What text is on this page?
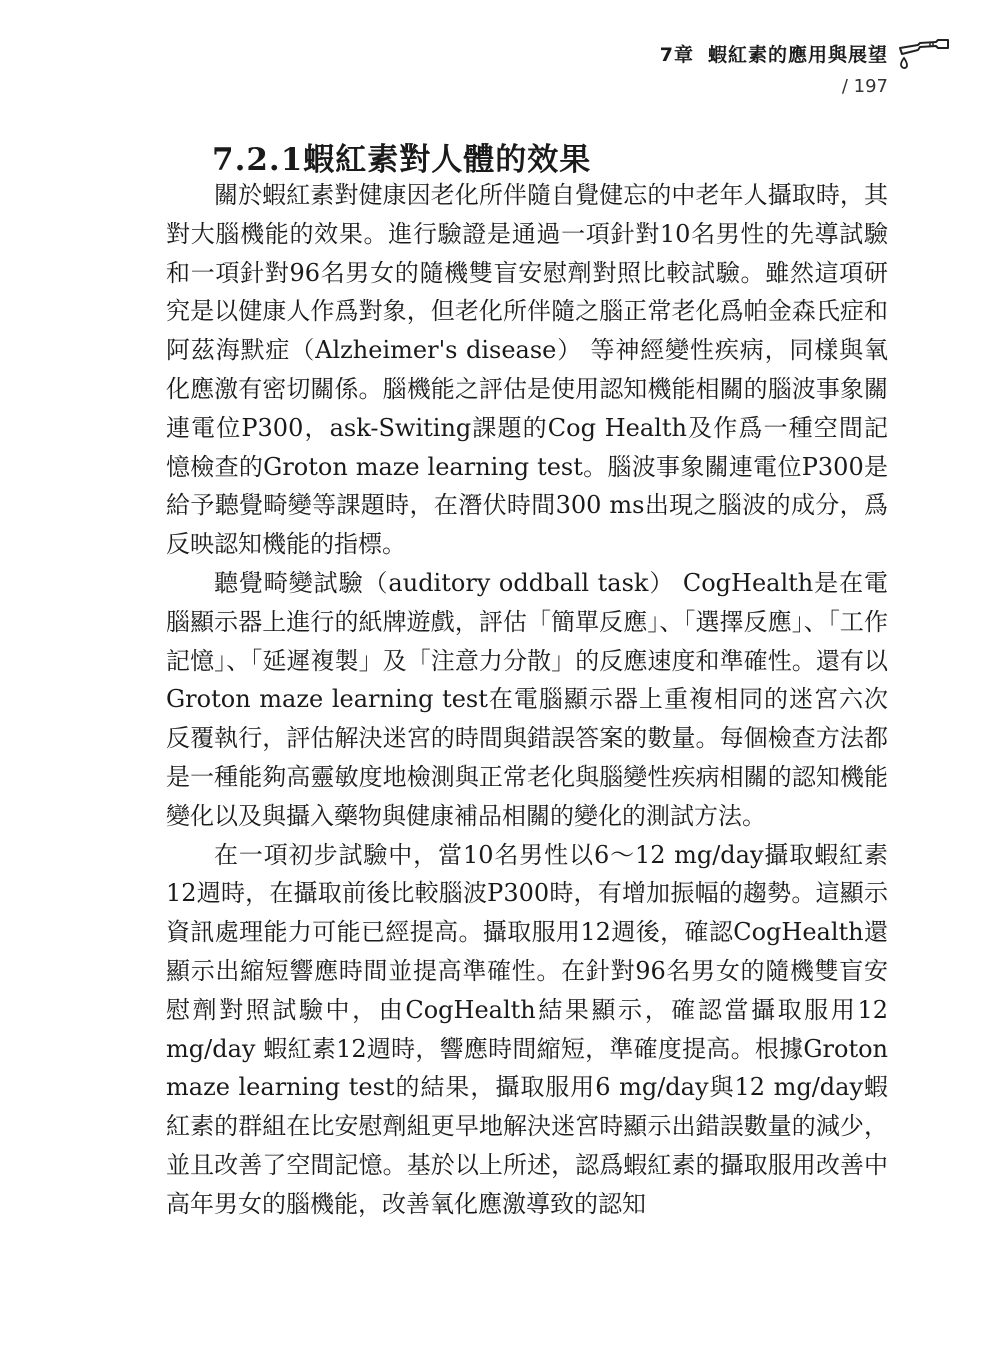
7章 蝦紅素的應用與展望
/ 197
7.2.1蝦紅素對人體的效果

關於蝦紅素對健康因老化所伴隨自覺健忘的中老年人攝取時，其對大腦機能的效果。進行驗證是通過一項針對10名男性的先導試驗和一項針對96名男女的隨機雙盲安慰劑對照比較試驗。雖然這項研究是以健康人作爲對象，但老化所伴隨之腦正常老化爲帕金森氏症和阿茲海默症（Alzheimer's disease） 等神經變性疾病，同樣與氧化應激有密切關係。腦機能之評估是使用認知機能相關的腦波事象關連電位P300，ask-Switing課題的Cog Health及作爲一種空間記憶檢查的Groton maze learning test。腦波事象關連電位P300是給予聽覺畸變等課題時，在潛伏時間300 ms出現之腦波的成分，爲反映認知機能的指標。

聽覺畸變試驗（auditory oddball task） CogHealth是在電腦顯示器上進行的紙牌遊戲，評估「簡單反應」、「選擇反應」、「工作記憶」、「延遲複製」及「注意力分散」的反應速度和準確性。還有以Groton maze learning test在電腦顯示器上重複相同的迷宮六次反覆執行，評估解決迷宮的時間與錯誤答案的數量。每個檢查方法都是一種能夠高靈敏度地檢測與正常老化與腦變性疾病相關的認知機能變化以及與攝入藥物與健康補品相關的變化的測試方法。

在一項初步試驗中，當10名男性以6～12 mg/day攝取蝦紅素12週時，在攝取前後比較腦波P300時，有增加振幅的趨勢。這顯示資訊處理能力可能已經提高。攝取服用12週後，確認CogHealth還顯示出縮短響應時間並提高準確性。在針對96名男女的隨機雙盲安慰劑對照試驗中，由CogHealth結果顯示，確認當攝取服用12 mg/day 蝦紅素12週時，響應時間縮短，準確度提高。根據Groton maze learning test的結果，攝取服用6 mg/day與12 mg/day蝦紅素的群組在比安慰劑組更早地解決迷宮時顯示出錯誤數量的減少，並且改善了空間記憶。基於以上所述，認爲蝦紅素的攝取服用改善中高年男女的腦機能，改善氧化應激導致的認知
